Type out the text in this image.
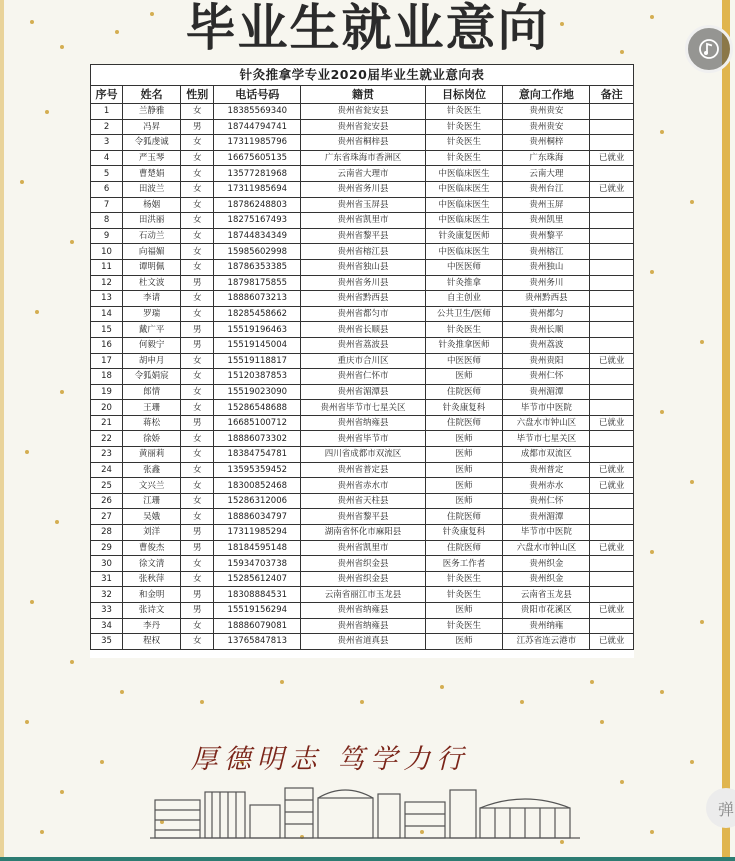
毕业生就业意向
针灸推拿学专业2020届毕业生就业意向表							
序号	姓名	性别	电话号码	籍贯	目标岗位	意向工作地	备注
1	兰静雅	女	18385569340	贵州省瓮安县	针灸医生	贵州贵安	
2	冯昇	男	18744794741	贵州省瓮安县	针灸医生	贵州贵安	
3	令狐虔诚	女	17311985796	贵州省桐梓县	针灸医生	贵州桐梓	
4	严玉琴	女	16675605135	广东省珠海市香洲区	针灸医生	广东珠海	已就业
5	曹楚娟	女	13577281968	云南省大理市	中医临床医生	云南大理	
6	田波兰	女	17311985694	贵州省务川县	中医临床医生	贵州台江	已就业
7	杨姻	女	18786248803	贵州省玉屏县	中医临床医生	贵州玉屏	
8	田洪丽	女	18275167493	贵州省凯里市	中医临床医生	贵州凯里	
9	石动兰	女	18744834349	贵州省黎平县	针灸康复医师	贵州黎平	
10	向福媚	女	15985602998	贵州省榕江县	中医临床医生	贵州榕江	
11	谭明佩	女	18786353385	贵州省独山县	中医医师	贵州独山	
12	杜文波	男	18798175855	贵州省务川县	针灸推拿	贵州务川	
13	李请	女	18886073213	贵州省黔西县	自主创业	贵州黔西县	
14	罗瑞	女	18285458662	贵州省都匀市	公共卫生/医师	贵州都匀	
15	戴广平	男	15519196463	贵州省长顺县	针灸医生	贵州长顺	
16	何毅宁	男	15519145004	贵州省荔波县	针灸推拿医师	贵州荔波	
17	胡申月	女	15519118817	重庆市合川区	中医医师	贵州贵阳	已就业
18	令狐娟宸	女	15120387853	贵州省仁怀市	医师	贵州仁怀	
19	郎情	女	15519023090	贵州省湄潭县	住院医师	贵州湄潭	
20	王珊	女	15286548688	贵州省毕节市七星关区	针灸康复科	毕节市中医院	
21	蒋松	男	16685100712	贵州省纳雍县	住院医师	六盘水市钟山区	已就业
22	徐娇	女	18886073302	贵州省毕节市	医师	毕节市七星关区	
23	黄丽莉	女	18384754781	四川省成都市双流区	医师	成都市双流区	
24	张鑫	女	13595359452	贵州省普定县	医师	贵州普定	已就业
25	文兴兰	女	18300852468	贵州省赤水市	医师	贵州赤水	已就业
26	江珊	女	15286312006	贵州省天柱县	医师	贵州仁怀	
27	吴娥	女	18886034797	贵州省黎平县	住院医师	贵州湄潭	
28	刘洋	男	17311985294	湖南省怀化市麻阳县	针灸康复科	毕节市中医院	
29	曹俊杰	男	18184595148	贵州省凯里市	住院医师	六盘水市钟山区	已就业
30	徐文清	女	15934703738	贵州省织金县	医务工作者	贵州织金	
31	张秋萍	女	15285612407	贵州省织金县	针灸医生	贵州织金	
32	和金明	男	18308884531	云南省丽江市玉龙县	针灸医生	云南省玉龙县	
33	张诗文	男	15519156294	贵州省纳雍县	医师	贵阳市花溪区	已就业
34	李丹	女	18886079081	贵州省纳雍县	针灸医生	贵州纳雍	
35	程权	女	13765847813	贵州省道真县	医师	江苏省连云港市	已就业
厚德明志 笃学力行
弹
